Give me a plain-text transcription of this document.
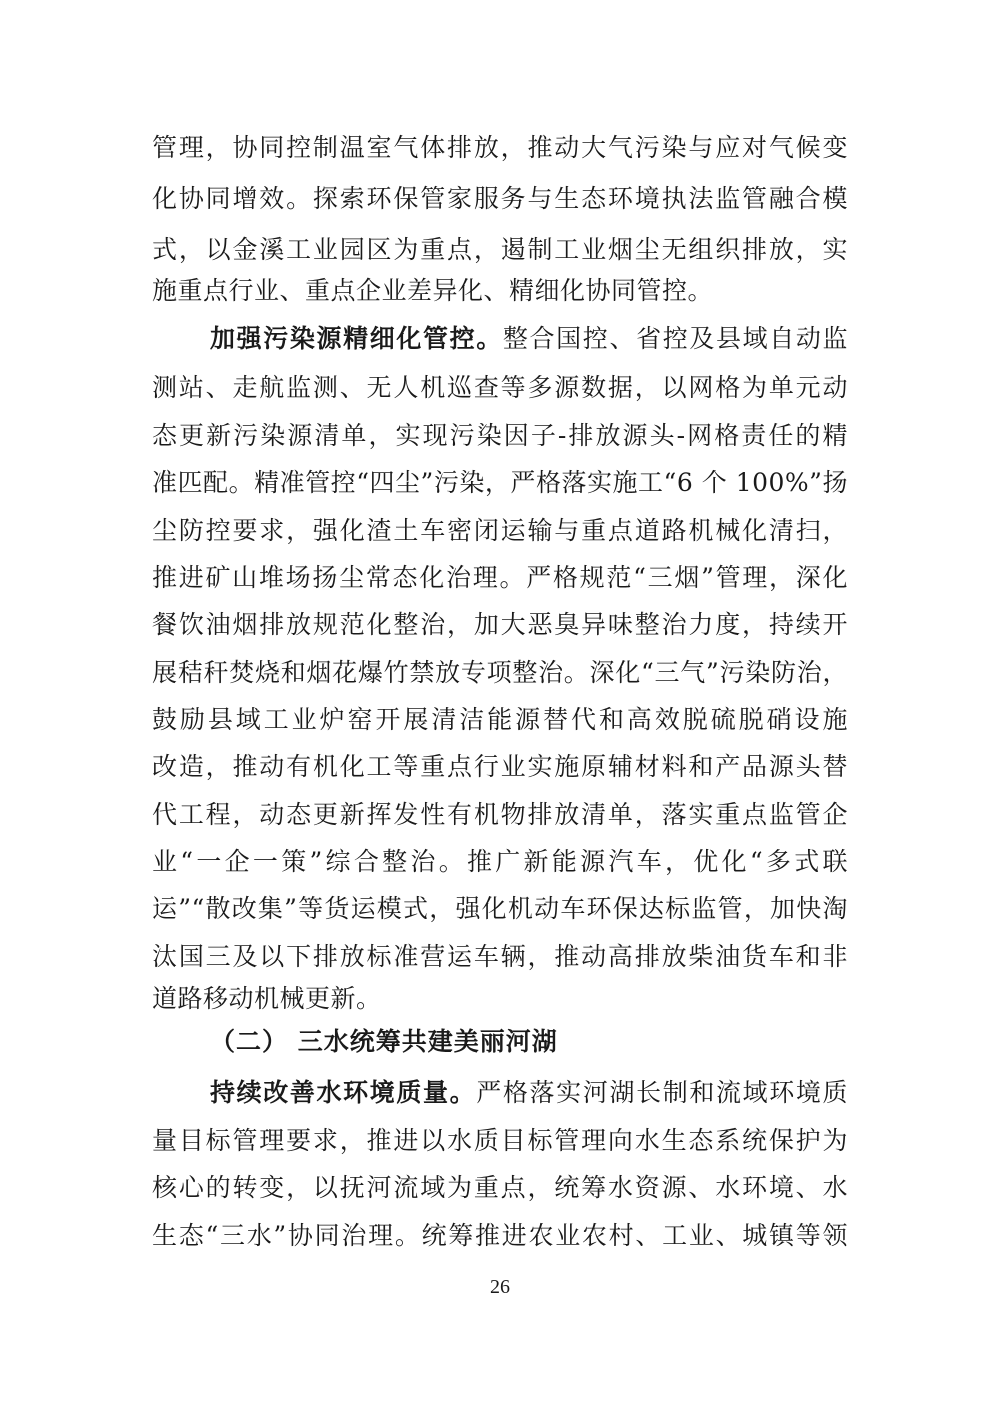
管理，协同控制温室气体排放，推动大气污染与应对气候变
化协同增效。探索环保管家服务与生态环境执法监管融合模
式，以金溪工业园区为重点，遏制工业烟尘无组织排放，实
施重点行业、重点企业差异化、精细化协同管控。
加强污染源精细化管控。整合国控、省控及县域自动监
测站、走航监测、无人机巡查等多源数据，以网格为单元动
态更新污染源清单，实现污染因子-排放源头-网格责任的精
准匹配。精准管控“四尘”污染，严格落实施工“6 个 100%”扬
尘防控要求，强化渣土车密闭运输与重点道路机械化清扫，
推进矿山堆场扬尘常态化治理。严格规范“三烟”管理，深化
餐饮油烟排放规范化整治，加大恶臭异味整治力度，持续开
展秸秆焚烧和烟花爆竹禁放专项整治。深化“三气”污染防治，
鼓励县域工业炉窑开展清洁能源替代和高效脱硫脱硝设施
改造，推动有机化工等重点行业实施原辅材料和产品源头替
代工程，动态更新挥发性有机物排放清单，落实重点监管企
业“一企一策”综合整治。推广新能源汽车，优化“多式联
运”“散改集”等货运模式，强化机动车环保达标监管，加快淘
汰国三及以下排放标准营运车辆，推动高排放柴油货车和非
道路移动机械更新。
（二） 三水统筹共建美丽河湖
持续改善水环境质量。严格落实河湖长制和流域环境质
量目标管理要求，推进以水质目标管理向水生态系统保护为
核心的转变，以抚河流域为重点，统筹水资源、水环境、水
生态“三水”协同治理。统筹推进农业农村、工业、城镇等领
26
